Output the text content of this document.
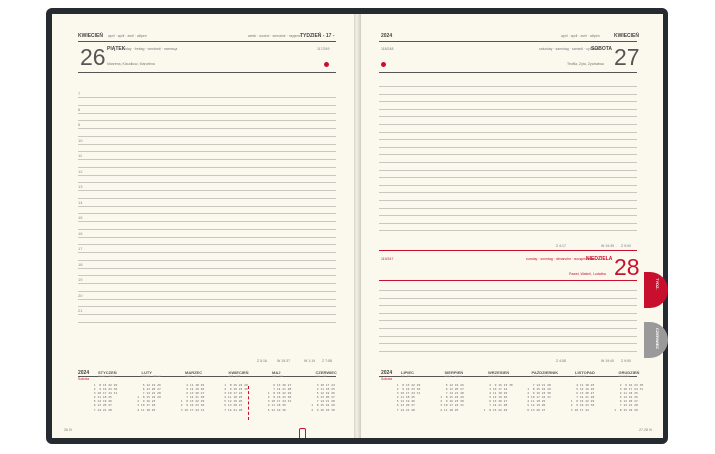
KWIECIEŃ april · april · avril · aйpen	week · woche · semaine · неделя TYDZIEŃ - 17 -
26 PIĄTEK
friday · freitag · vendredi · пятница	117/249
Marzena, Klaudiusz, Marcelina
Z 5:16	W 19:37	W 1:19 Z 7:58
2024
Sobota
26 IV
7
8
9
10
11
12
13
14
15
16
17
18
19
20
21
STYCZEŃ
january · januar
1  8 15 22 29
2  9 16 23 30
3 10 17 24 31
4 11 18 25
5 12 19 26
6 13 20 27
7 14 21 28
LUTY
february · februar
5 12 19 26
6 13 20 27
7 14 21 28
1  8 15 22 29
2  9 16 23
3 10 17 24
4 11 18 25
MARZEC
march · märz
4 11 18 25
5 12 19 26
6 13 20 27
7 14 21 28
1  8 15 22 29
2  9 16 23 30
3 10 17 24 31
KWIECIEŃ
april · april
1  8 15 22 29
2  9 16 23 30
3 10 17 24
4 11 18 25
5 12 19 26
6 13 20 27
7 14 21 28
MAJ
may · mai
6 13 20 27
7 14 21 28
1  8 15 22 29
2  9 16 23 30
3 10 17 24 31
4 11 18 25
5 12 19 26
CZERWIEC
june · juni
3 10 17 24
4 11 18 25
5 12 19 26
6 13 20 27
7 14 21 28
1  8 15 22 29
2  9 16 23 30
2024	april · april · avril · aйpen	KWIECIEŃ
118/248	saturday · samstag · samedi · суббота
SOBOTA 27
Teofila, Zyta, Zywisława
Z 4:17	W 19:39 Z 9:00
119/247	sunday · sonntag · dimanche · воскресенье
NIEDZIELA 28
Paweł, Walerii, Ludwika
Z 4:58	W 19:40 Z 9:50
2024
Sobota
27-28 IV
LIPIEC
july · juli
1  8 15 22 29
2  9 16 23 30
3 10 17 24 31
4 11 18 25
5 12 19 26
6 13 20 27
7 14 21 28
SIERPIEŃ
august · august
5 12 19 26
6 13 20 27
7 14 21 28
1  8 15 22 29
2  9 16 23 30
3 10 17 24 31
4 11 18 25
WRZESIEŃ
september
2  9 16 23 30
3 10 17 24
4 11 18 25
5 12 19 26
6 13 20 27
7 14 21 28
1  8 15 22 29
PAŹDZIERNIK
october · oktober
7 14 21 28
1  8 15 22 29
2  9 16 23 30
3 10 17 24 31
4 11 18 25
5 12 19 26
6 13 20 27
LISTOPAD
november
4 11 18 25
5 12 19 26
6 13 20 27
7 14 21 28
1  8 15 22 29
2  9 16 23 30
3 10 17 24
GRUDZIEŃ
december
2  9 16 23 30
3 10 17 24 31
4 11 18 25
5 12 19 26
6 13 20 27
7 14 21 28
1  8 15 22 29
TYDZ.
CZERWIEC
